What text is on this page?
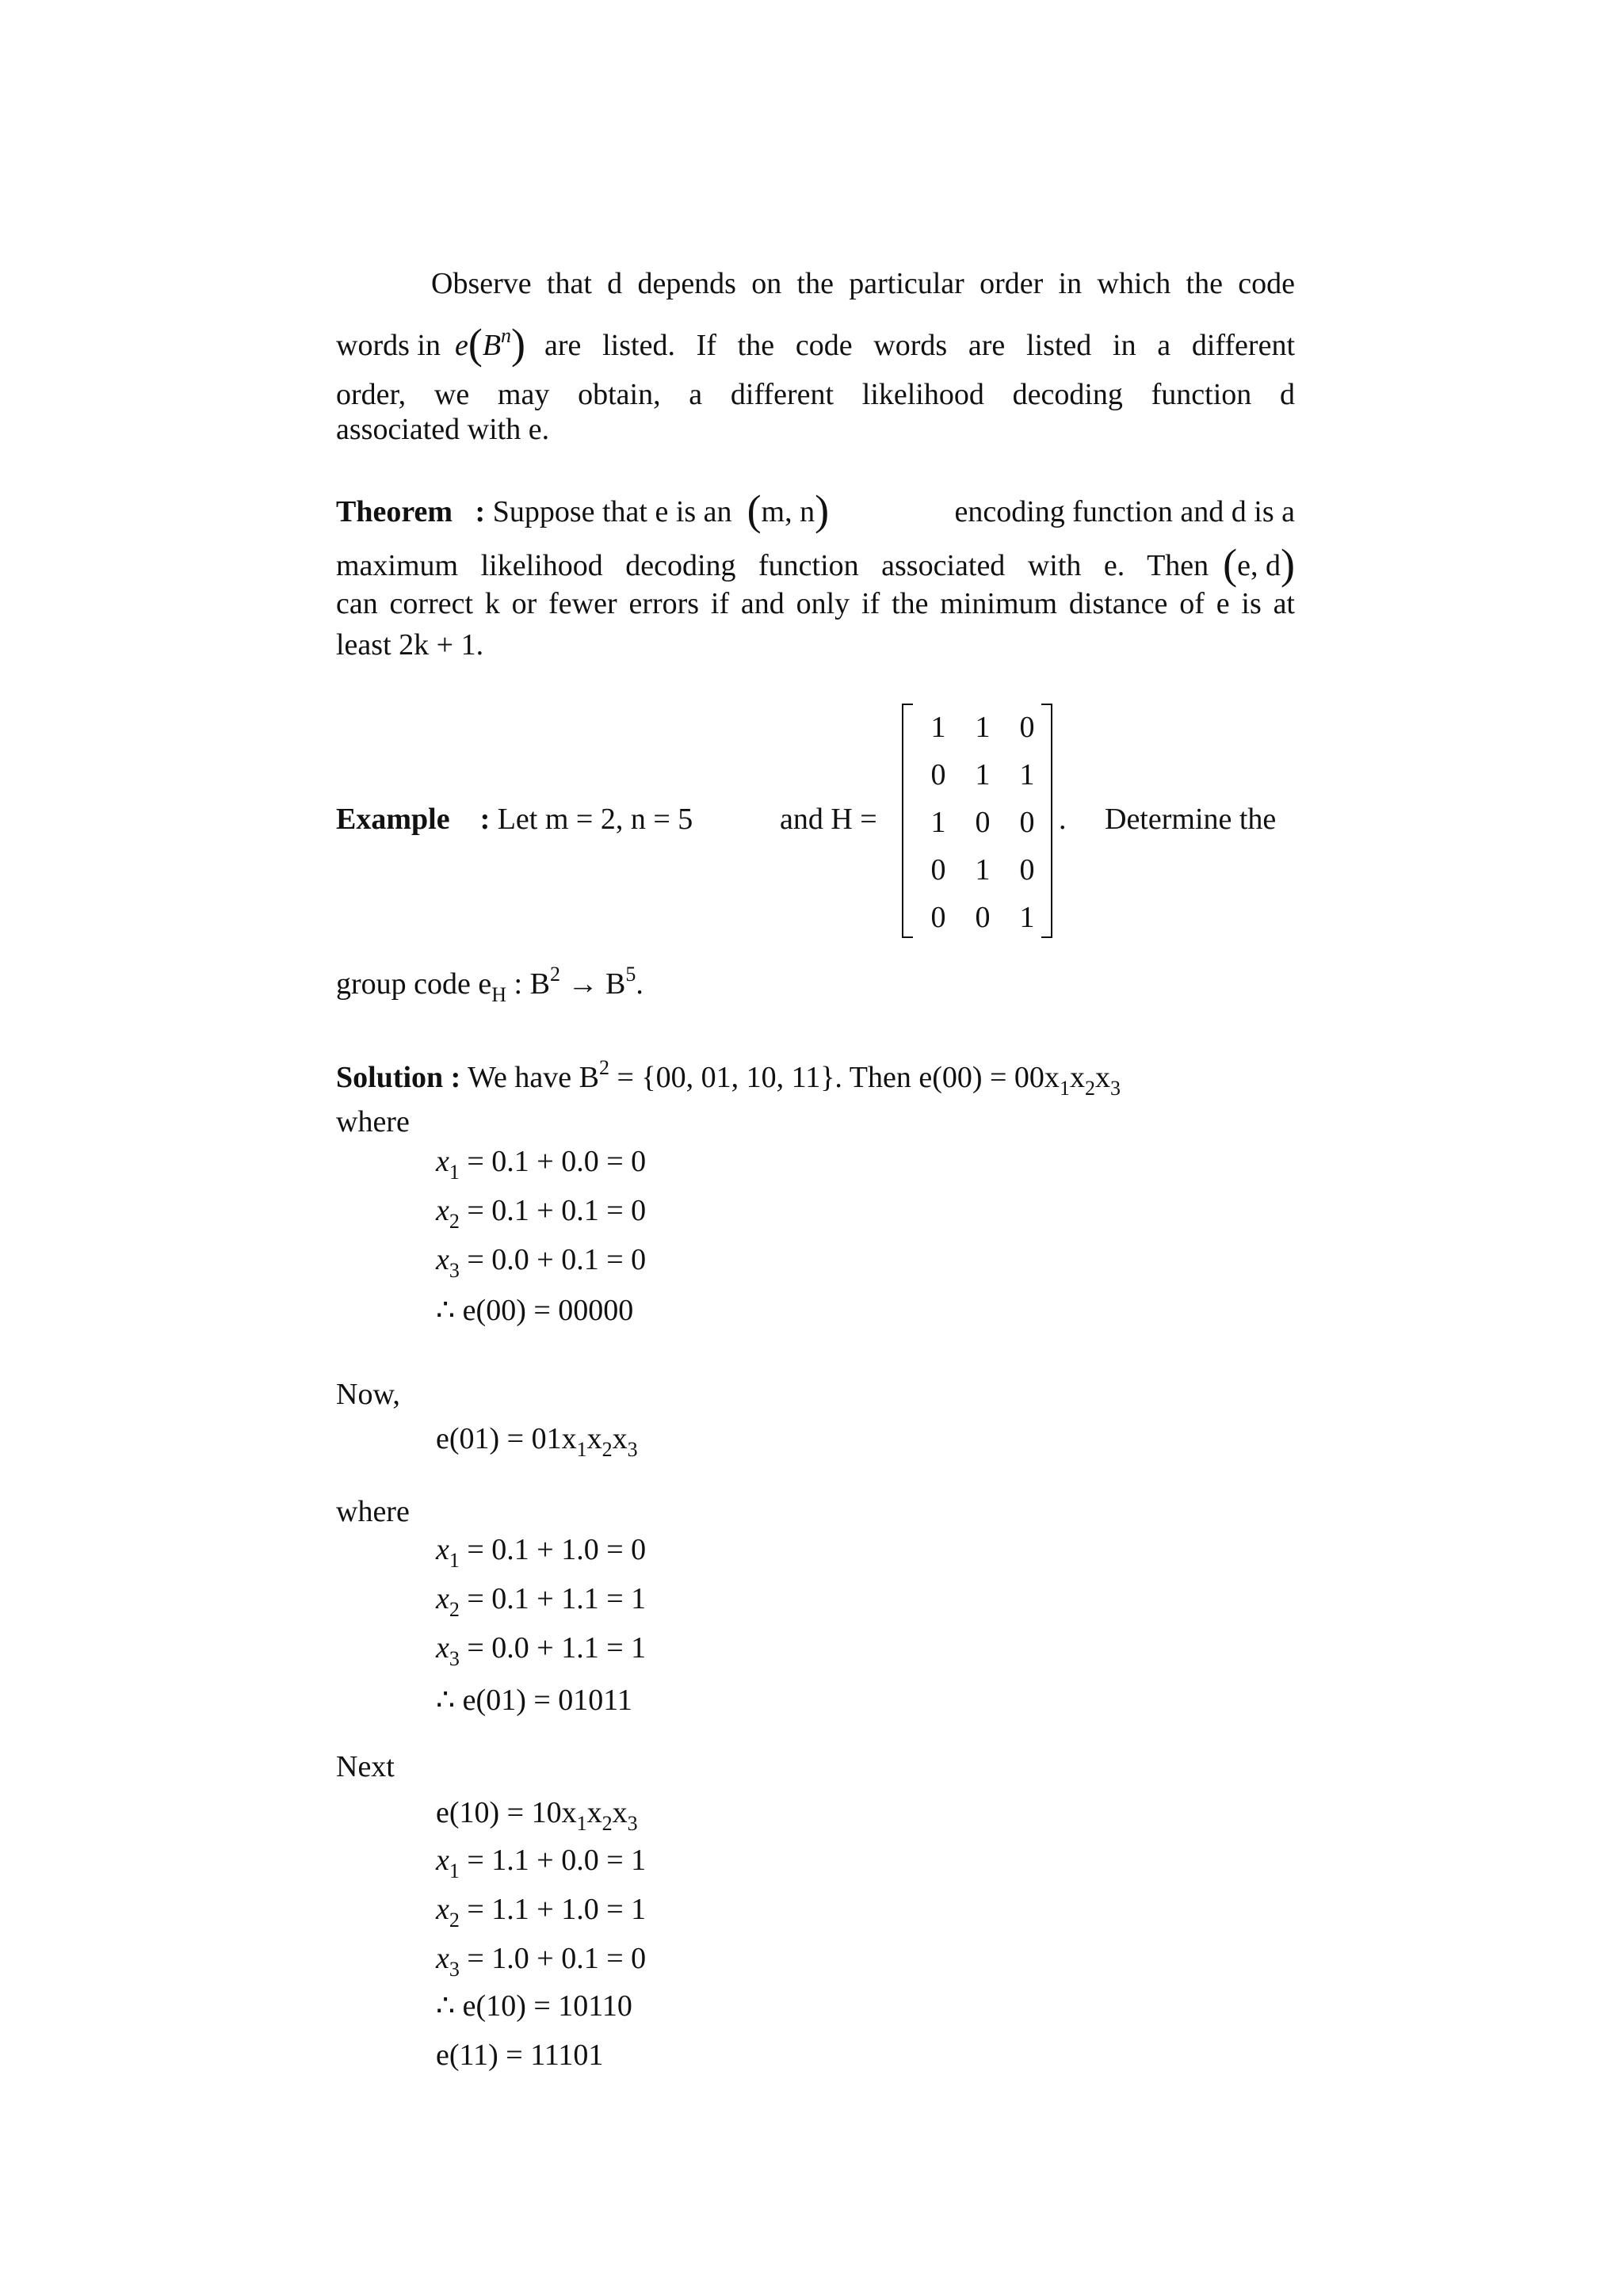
Observe that d depends on the particular order in which the code
words in $e(B^n)$ are listed. If the code words are listed in a different
order, we may obtain, a different likelihood decoding function d
associated with e.
Theorem : Suppose that e is an (m, n)	encoding function and d is a
maximum likelihood decoding function associated with e. Then (e, d)
can correct k or fewer errors if and only if the minimum distance of e is at
least 2k + 1.
Example : Let m = 2, n = 5	and H =	. Determine the
1 1 0
0 1 1
1 0 0
0 1 0
0 0 1
group code $e_H$ : $B^2 \to B^5$.
Solution : We have $B^2 = \{00$, 01, 10, 11}. Then $e(00) = 00x_1x_2x_3$
where
$x_1 = 0.1 + 0.0 = 0$
$x_2 = 0.1 + 0.1 = 0$
$x_3 = 0.0 + 0.1 = 0$
∴ e(00) = 00000
Now,
$e(01) = 01x_1x_2x_3$
where
$x_1 = 0.1 + 1.0 = 0$
$x_2 = 0.1 + 1.1 = 1$
$x_3 = 0.0 + 1.1 = 1$
∴ e(01) = 01011
Next
$e(10) = 10x_1x_2x_3$
$x_1 = 1.1 + 0.0 = 1$
$x_2 = 1.1 + 1.0 = 1$
$x_3 = 1.0 + 0.1 = 0$
∴ e(10) = 10110
e(11) = 11101
